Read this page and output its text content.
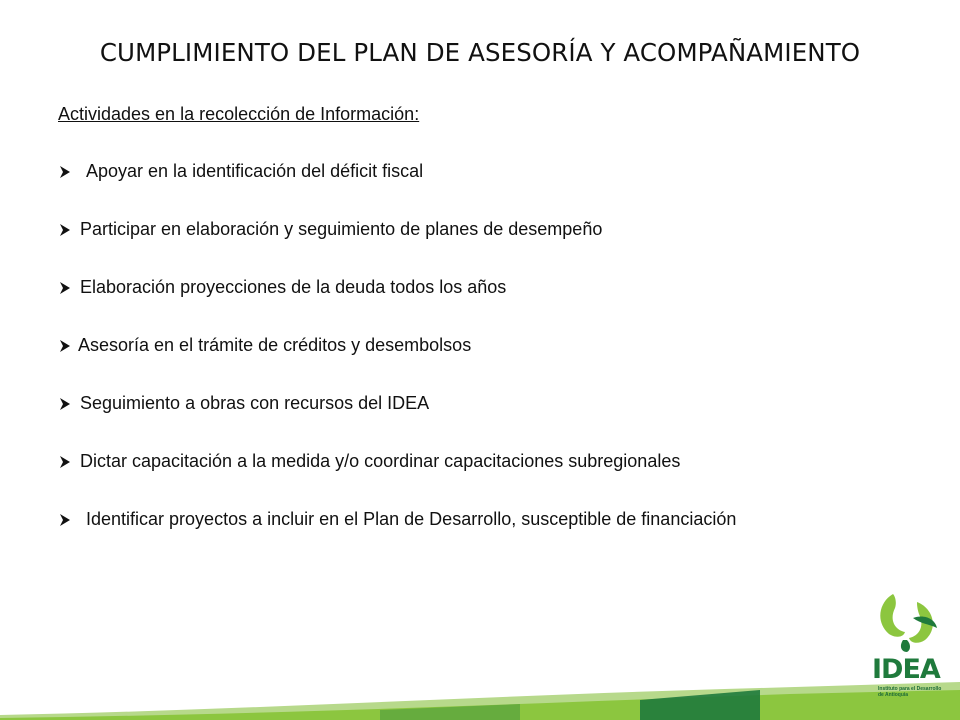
CUMPLIMIENTO DEL PLAN DE ASESORÍA Y ACOMPAÑAMIENTO
Actividades en la recolección de Información:
Apoyar en la identificación del déficit fiscal
Participar en elaboración y seguimiento de planes de desempeño
Elaboración proyecciones de la deuda todos los años
Asesoría en el trámite de créditos y desembolsos
Seguimiento a obras con recursos del IDEA
Dictar capacitación a la medida y/o coordinar capacitaciones subregionales
Identificar proyectos a incluir en el Plan de Desarrollo, susceptible de financiación
IDEA
Instituto para el Desarrollo de Antioquia
